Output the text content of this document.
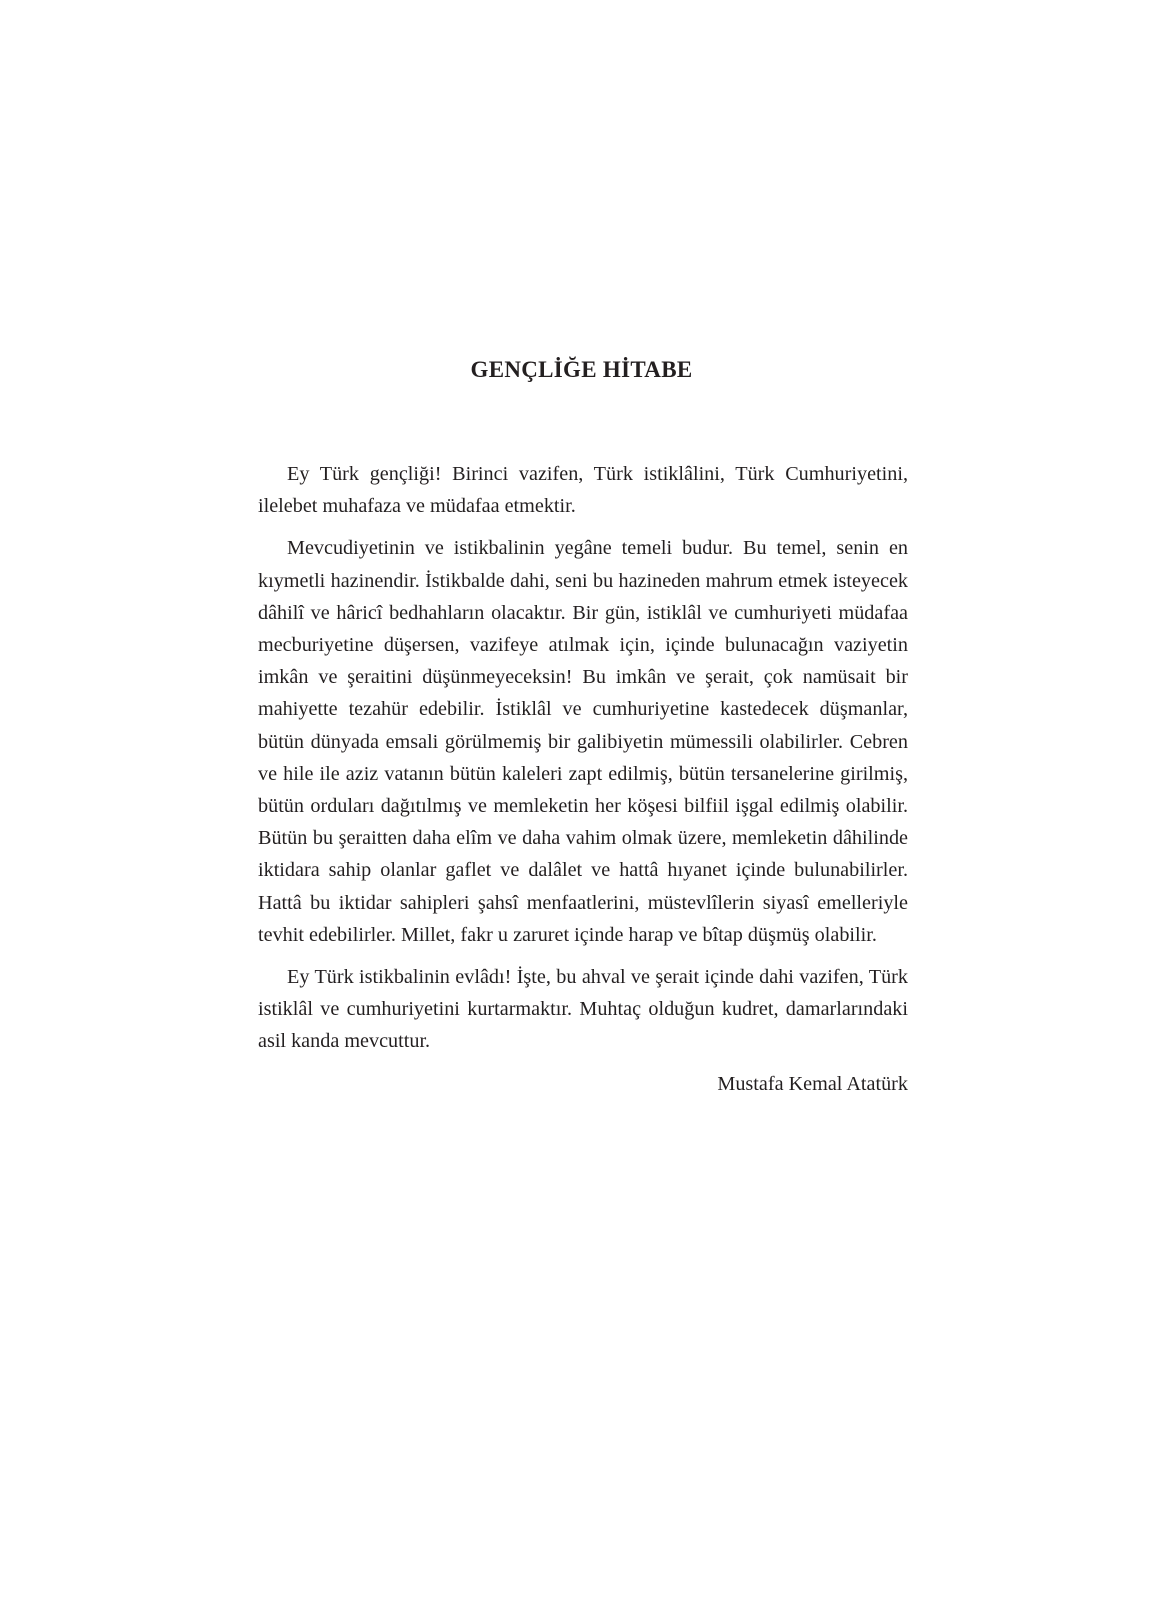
GENÇLİĞE HİTABE

Ey Türk gençliği! Birinci vazifen, Türk istiklâlini, Türk Cumhuriyetini, ilelebet muhafaza ve müdafaa etmektir.

Mevcudiyetinin ve istikbalinin yegâne temeli budur. Bu temel, senin en kıymetli hazinendir. İstikbalde dahi, seni bu hazineden mahrum etmek isteyecek dâhilî ve hâricî bedhahların olacaktır. Bir gün, istiklâl ve cumhuriyeti müdafaa mecburiyetine düşersen, vazifeye atılmak için, içinde bulunacağın vaziyetin imkân ve şeraitini düşünmeyeceksin! Bu imkân ve şerait, çok namüsait bir mahiyette tezahür edebilir. İstiklâl ve cumhuriyetine kastedecek düşmanlar, bütün dünyada emsali görülmemiş bir galibiyetin mümessili olabilirler. Cebren ve hile ile aziz vatanın bütün kaleleri zapt edilmiş, bütün tersanelerine girilmiş, bütün orduları dağıtılmış ve memleketin her köşesi bilfiil işgal edilmiş olabilir. Bütün bu şeraitten daha elîm ve daha vahim olmak üzere, memleketin dâhilinde iktidara sahip olanlar gaflet ve dalâlet ve hattâ hıyanet içinde bulunabilirler. Hattâ bu iktidar sahipleri şahsî menfaatlerini, müstevlîlerin siyasî emelleriyle tevhit edebilirler. Millet, fakr u zaruret içinde harap ve bîtap düşmüş olabilir.

Ey Türk istikbalinin evlâdı! İşte, bu ahval ve şerait içinde dahi vazifen, Türk istiklâl ve cumhuriyetini kurtarmaktır. Muhtaç olduğun kudret, damarlarındaki asil kanda mevcuttur.

Mustafa Kemal Atatürk
